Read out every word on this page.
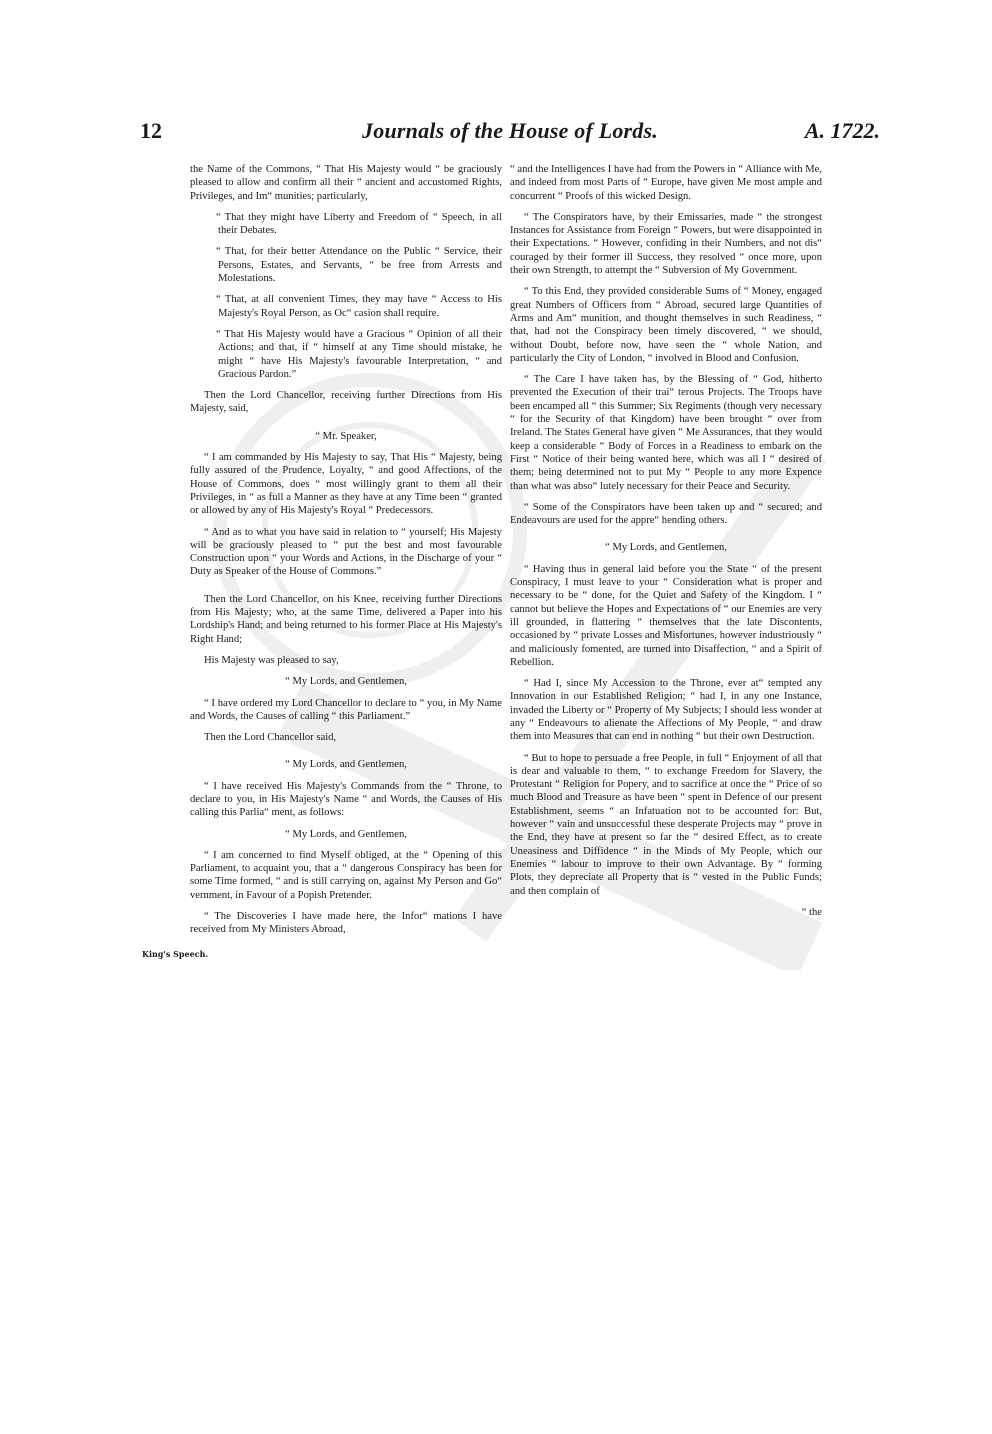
12	Journals of the House of Lords.	A. 1722.
King's Speech.

the Name of the Commons, “ That His Majesty would “ be graciously pleased to allow and confirm all their “ ancient and accustomed Rights, Privileges, and Im“ munities; particularly,

“ That they might have Liberty and Freedom of “ Speech, in all their Debates.

“ That, for their better Attendance on the Public “ Service, their Persons, Estates, and Servants, “ be free from Arrests and Molestations.

“ That, at all convenient Times, they may have “ Access to His Majesty's Royal Person, as Oc“ casion shall require.

“ That His Majesty would have a Gracious “ Opinion of all their Actions; and that, if “ himself at any Time should mistake, he might “ have His Majesty's favourable Interpretation, “ and Gracious Pardon.”

Then the Lord Chancellor, receiving further Directions from His Majesty, said,

“ Mr. Speaker,

“ I am commanded by His Majesty to say, That His “ Majesty, being fully assured of the Prudence, Loyalty, “ and good Affections, of the House of Commons, does “ most willingly grant to them all their Privileges, in “ as full a Manner as they have at any Time been “ granted or allowed by any of His Majesty's Royal “ Predecessors.

“ And as to what you have said in relation to “ yourself; His Majesty will be graciously pleased to “ put the best and most favourable Construction upon “ your Words and Actions, in the Discharge of your “ Duty as Speaker of the House of Commons.”

Then the Lord Chancellor, on his Knee, receiving further Directions from His Majesty; who, at the same Time, delivered a Paper into his Lordship's Hand; and being returned to his former Place at His Majesty's Right Hand;

His Majesty was pleased to say,

“ My Lords, and Gentlemen,

“ I have ordered my Lord Chancellor to declare to “ you, in My Name and Words, the Causes of calling “ this Parliament.”

Then the Lord Chancellor said,

“ My Lords, and Gentlemen,

“ I have received His Majesty's Commands from the “ Throne, to declare to you, in His Majesty's Name “ and Words, the Causes of His calling this Parlia“ ment, as follows:

“ My Lords, and Gentlemen,

“ I am concerned to find Myself obliged, at the “ Opening of this Parliament, to acquaint you, that a “ dangerous Conspiracy has been for some Time formed, “ and is still carrying on, against My Person and Go“ vernment, in Favour of a Popish Pretender.

“ The Discoveries I have made here, the Infor“ mations I have received from My Ministers Abroad,

“ and the Intelligences I have had from the Powers in “ Alliance with Me, and indeed from most Parts of “ Europe, have given Me most ample and concurrent “ Proofs of this wicked Design.

“ The Conspirators have, by their Emissaries, made “ the strongest Instances for Assistance from Foreign “ Powers, but were disappointed in their Expectations. “ However, confiding in their Numbers, and not dis“ couraged by their former ill Success, they resolved “ once more, upon their own Strength, to attempt the “ Subversion of My Government.

“ To this End, they provided considerable Sums of “ Money, engaged great Numbers of Officers from “ Abroad, secured large Quantities of Arms and Am“ munition, and thought themselves in such Readiness, “ that, had not the Conspiracy been timely discovered, “ we should, without Doubt, before now, have seen the “ whole Nation, and particularly the City of London, “ involved in Blood and Confusion.

“ The Care I have taken has, by the Blessing of “ God, hitherto prevented the Execution of their trai“ terous Projects. The Troops have been encamped all “ this Summer; Six Regiments (though very necessary “ for the Security of that Kingdom) have been brought “ over from Ireland. The States General have given “ Me Assurances, that they would keep a considerable “ Body of Forces in a Readiness to embark on the First “ Notice of their being wanted here, which was all I “ desired of them; being determined not to put My “ People to any more Expence than what was abso“ lutely necessary for their Peace and Security.

“ Some of the Conspirators have been taken up and “ secured; and Endeavours are used for the appre“ hending others.

“ My Lords, and Gentlemen,

“ Having thus in general laid before you the State “ of the present Conspiracy, I must leave to your “ Consideration what is proper and necessary to be “ done, for the Quiet and Safety of the Kingdom. I “ cannot but believe the Hopes and Expectations of “ our Enemies are very ill grounded, in flattering “ themselves that the late Discontents, occasioned by “ private Losses and Misfortunes, however industriously “ and maliciously fomented, are turned into Disaffection, “ and a Spirit of Rebellion.

“ Had I, since My Accession to the Throne, ever at“ tempted any Innovation in our Established Religion; “ had I, in any one Instance, invaded the Liberty or “ Property of My Subjects; I should less wonder at any “ Endeavours to alienate the Affections of My People, “ and draw them into Measures that can end in nothing “ but their own Destruction.

“ But to hope to persuade a free People, in full “ Enjoyment of all that is dear and valuable to them, “ to exchange Freedom for Slavery, the Protestant “ Religion for Popery, and to sacrifice at once the “ Price of so much Blood and Treasure as have been “ spent in Defence of our present Establishment, seems “ an Infatuation not to be accounted for: But, however “ vain and unsuccessful these desperate Projects may “ prove in the End, they have at present so far the “ desired Effect, as to create Uneasiness and Diffidence “ in the Minds of My People, which our Enemies “ labour to improve to their own Advantage. By “ forming Plots, they depreciate all Property that is “ vested in the Public Funds; and then complain of

“ the
